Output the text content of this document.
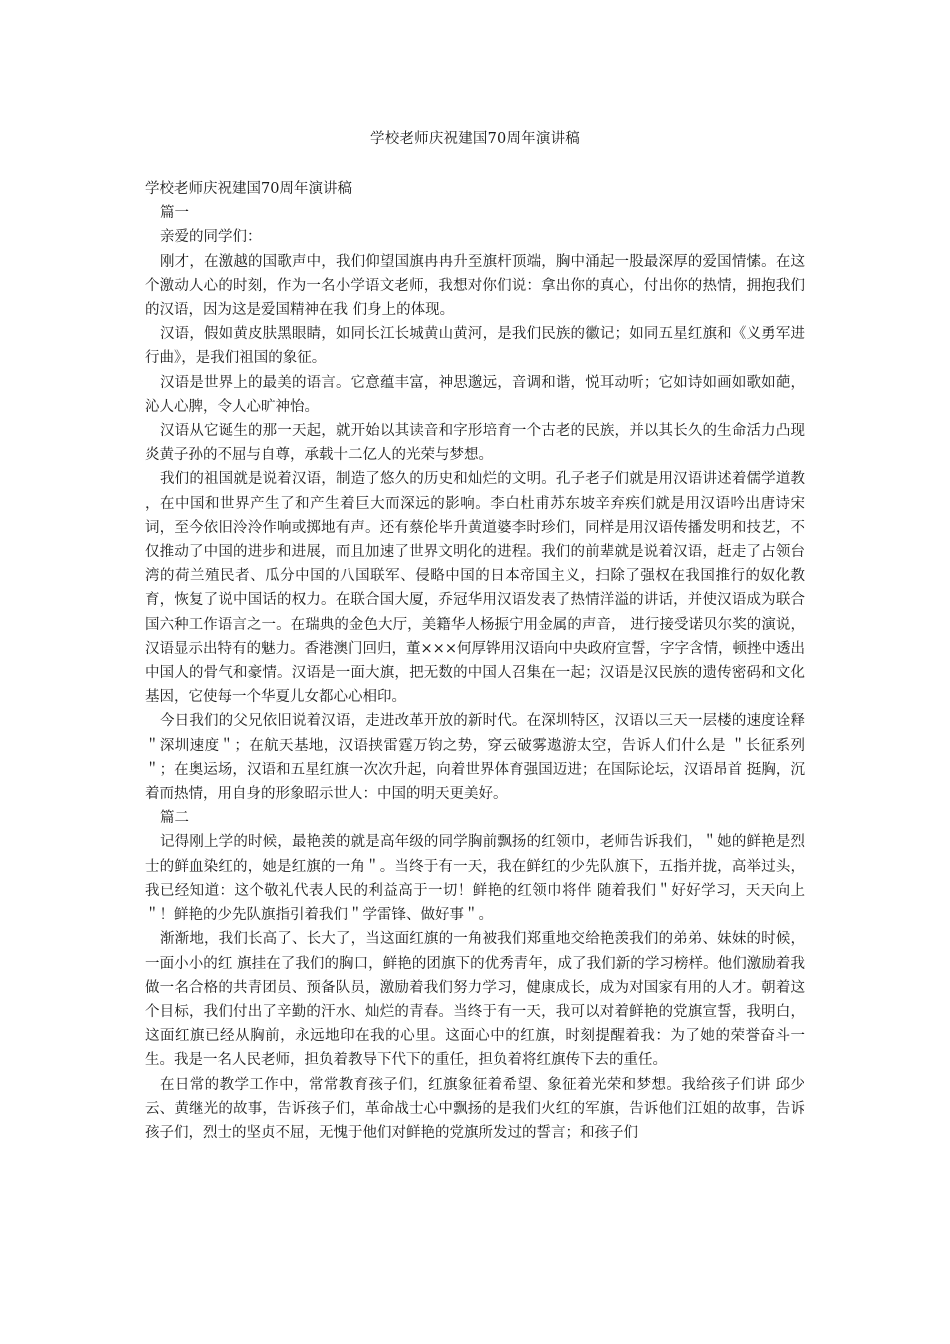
学校老师庆祝建国70周年演讲稿

学校老师庆祝建国70周年演讲稿

篇一

亲爱的同学们：

刚才，在激越的国歌声中，我们仰望国旗冉冉升至旗杆顶端，胸中涌起一股最深厚的爱国情愫。在这个激动人心的时刻，作为一名小学语文老师，我想对你们说：拿出你的真心，付出你的热情，拥抱我们的汉语，因为这是爱国精神在我 们身上的体现。

汉语，假如黄皮肤黑眼睛，如同长江长城黄山黄河，是我们民族的徽记；如同五星红旗和《义勇军进行曲》，是我们祖国的象征。

汉语是世界上的最美的语言。它意蕴丰富，神思邈远，音调和谐，悦耳动听；它如诗如画如歌如葩，沁人心脾，令人心旷神怡。

汉语从它诞生的那一天起，就开始以其读音和字形培育一个古老的民族，并以其长久的生命活力凸现炎黄子孙的不屈与自尊，承载十二亿人的光荣与梦想。

我们的祖国就是说着汉语，制造了悠久的历史和灿烂的文明。孔子老子们就是用汉语讲述着儒学道教 ，在中国和世界产生了和产生着巨大而深远的影响。李白杜甫苏东坡辛弃疾们就是用汉语吟出唐诗宋词，至今依旧泠泠作响或掷地有声。还有蔡伦毕升黄道婆李时珍们，同样是用汉语传播发明和技艺，不仅推动了中国的进步和进展，而且加速了世界文明化的进程。我们的前辈就是说着汉语，赶走了占领台湾的荷兰殖民者、瓜分中国的八国联军、侵略中国的日本帝国主义，扫除了强权在我国推行的奴化教育，恢复了说中国话的权力。在联合国大厦，乔冠华用汉语发表了热情洋溢的讲话，并使汉语成为联合国六种工作语言之一。在瑞典的金色大厅，美籍华人杨振宁用金属的声音， 进行接受诺贝尔奖的演说，汉语显示出特有的魅力。香港澳门回归，董×××何厚铧用汉语向中央政府宣誓，字字含情，顿挫中透出中国人的骨气和豪情。汉语是一面大旗，把无数的中国人召集在一起；汉语是汉民族的遗传密码和文化基因，它使每一个华夏儿女都心心相印。

今日我们的父兄依旧说着汉语，走进改革开放的新时代。在深圳特区，汉语以三天一层楼的速度诠释 ＂深圳速度＂；在航天基地，汉语挟雷霆万钧之势，穿云破雾遨游太空，告诉人们什么是 ＂长征系列＂；在奥运场，汉语和五星红旗一次次升起，向着世界体育强国迈进；在国际论坛，汉语昂首 挺胸，沉着而热情，用自身的形象昭示世人：中国的明天更美好。

篇二

记得刚上学的时候，最艳羡的就是高年级的同学胸前飘扬的红领巾，老师告诉我们，＂她的鲜艳是烈士的鲜血染红的，她是红旗的一角＂。当终于有一天，我在鲜红的少先队旗下，五指并拢，高举过头，我已经知道：这个敬礼代表人民的利益高于一切！鲜艳的红领巾将伴 随着我们＂好好学习，天天向上＂！鲜艳的少先队旗指引着我们＂学雷锋、做好事＂。

渐渐地，我们长高了、长大了，当这面红旗的一角被我们郑重地交给艳羡我们的弟弟、妹妹的时候，一面小小的红 旗挂在了我们的胸口，鲜艳的团旗下的优秀青年，成了我们新的学习榜样。他们激励着我做一名合格的共青团员、预备队员，激励着我们努力学习，健康成长，成为对国家有用的人才。朝着这个目标，我们付出了辛勤的汗水、灿烂的青春。当终于有一天，我可以对着鲜艳的党旗宣誓，我明白，这面红旗已经从胸前，永远地印在我的心里。这面心中的红旗，时刻提醒着我：为了她的荣誉奋斗一生。我是一名人民老师，担负着教导下代下的重任，担负着将红旗传下去的重任。

在日常的教学工作中，常常教育孩子们，红旗象征着希望、象征着光荣和梦想。我给孩子们讲 邱少云、黄继光的故事，告诉孩子们，革命战士心中飘扬的是我们火红的军旗，告诉他们江姐的故事，告诉孩子们，烈士的坚贞不屈，无愧于他们对鲜艳的党旗所发过的誓言；和孩子们
